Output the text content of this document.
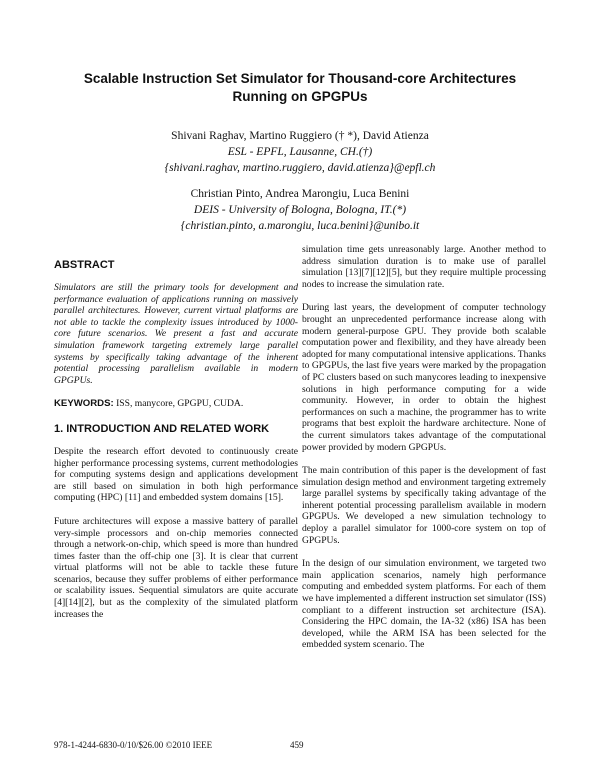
Scalable Instruction Set Simulator for Thousand-core Architectures
Running on GPGPUs
Shivani Raghav, Martino Ruggiero († *), David Atienza
ESL - EPFL, Lausanne, CH.(†)
{shivani.raghav, martino.ruggiero, david.atienza}@epfl.ch
Christian Pinto, Andrea Marongiu, Luca Benini
DEIS - University of Bologna, Bologna, IT.(*)
{christian.pinto, a.marongiu, luca.benini}@unibo.it
ABSTRACT

Simulators are still the primary tools for development and performance evaluation of applications running on massively parallel architectures. However, current virtual platforms are not able to tackle the complexity issues introduced by 1000-core future scenarios. We present a fast and accurate simulation framework targeting extremely large parallel systems by specifically taking advantage of the inherent potential processing parallelism available in modern GPGPUs.

KEYWORDS: ISS, manycore, GPGPU, CUDA.

1. INTRODUCTION AND RELATED WORK

Despite the research effort devoted to continuously create higher performance processing systems, current methodologies for computing systems design and applications development are still based on simulation in both high performance computing (HPC) [11] and embedded system domains [15].

Future architectures will expose a massive battery of parallel very-simple processors and on-chip memories connected through a network-on-chip, which speed is more than hundred times faster than the off-chip one [3]. It is clear that current virtual platforms will not be able to tackle these future scenarios, because they suffer problems of either performance or scalability issues. Sequential simulators are quite accurate [4][14][2], but as the complexity of the simulated platform increases the

simulation time gets unreasonably large. Another method to address simulation duration is to make use of parallel simulation [13][7][12][5], but they require multiple processing nodes to increase the simulation rate.

During last years, the development of computer technology brought an unprecedented performance increase along with modern general-purpose GPU. They provide both scalable computation power and flexibility, and they have already been adopted for many computational intensive applications. Thanks to GPGPUs, the last five years were marked by the propagation of PC clusters based on such manycores leading to inexpensive solutions in high performance computing for a wide community. However, in order to obtain the highest performances on such a machine, the programmer has to write programs that best exploit the hardware architecture. None of the current simulators takes advantage of the computational power provided by modern GPGPUs.

The main contribution of this paper is the development of fast simulation design method and environment targeting extremely large parallel systems by specifically taking advantage of the inherent potential processing parallelism available in modern GPGPUs. We developed a new simulation technology to deploy a parallel simulator for 1000-core system on top of GPGPUs.

In the design of our simulation environment, we targeted two main application scenarios, namely high performance computing and embedded system platforms. For each of them we have implemented a different instruction set simulator (ISS) compliant to a different instruction set architecture (ISA). Considering the HPC domain, the IA-32 (x86) ISA has been developed, while the ARM ISA has been selected for the embedded system scenario. The

978-1-4244-6830-0/10/$26.00 ©2010 IEEE	459
